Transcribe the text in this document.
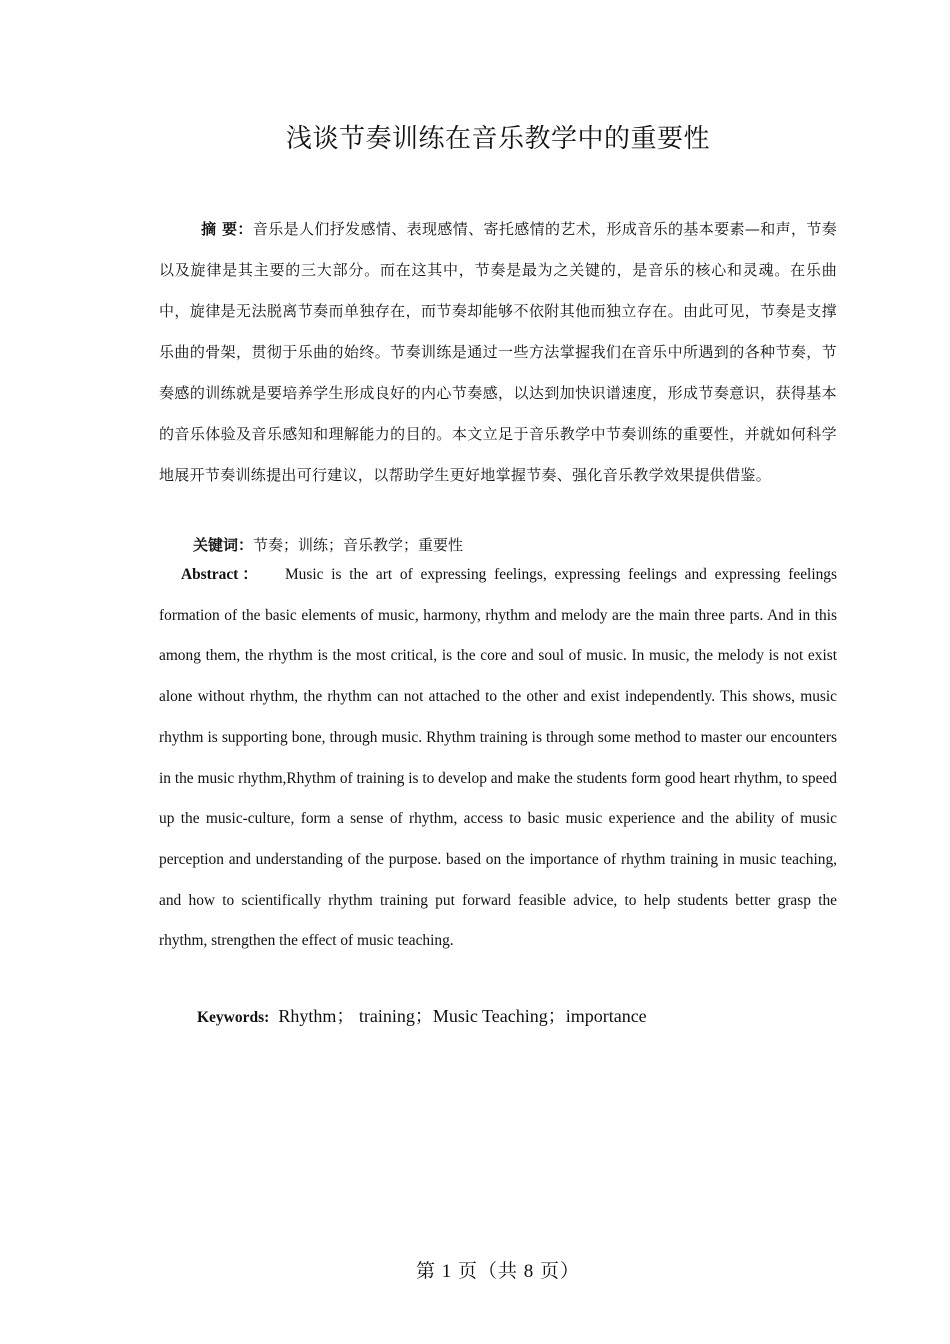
浅谈节奏训练在音乐教学中的重要性
摘 要：音乐是人们抒发感情、表现感情、寄托感情的艺术，形成音乐的基本要素—和声，节奏以及旋律是其主要的三大部分。而在这其中，节奏是最为之关键的，是音乐的核心和灵魂。在乐曲中，旋律是无法脱离节奏而单独存在，而节奏却能够不依附其他而独立存在。由此可见，节奏是支撑乐曲的骨架，贯彻于乐曲的始终。节奏训练是通过一些方法掌握我们在音乐中所遇到的各种节奏，节奏感的训练就是要培养学生形成良好的内心节奏感，以达到加快识谱速度，形成节奏意识，获得基本的音乐体验及音乐感知和理解能力的目的。本文立足于音乐教学中节奏训练的重要性，并就如何科学地展开节奏训练提出可行建议，以帮助学生更好地掌握节奏、强化音乐教学效果提供借鉴。
关键词：节奏；训练；音乐教学；重要性
Abstract： Music is the art of expressing feelings, expressing feelings and expressing feelings formation of the basic elements of music, harmony, rhythm and melody are the main three parts. And in this among them, the rhythm is the most critical, is the core and soul of music. In music, the melody is not exist alone without rhythm, the rhythm can not attached to the other and exist independently. This shows, music rhythm is supporting bone, through music. Rhythm training is through some method to master our encounters in the music rhythm,Rhythm of training is to develop and make the students form good heart rhythm, to speed up the music-culture, form a sense of rhythm, access to basic music experience and the ability of music perception and understanding of the purpose. based on the importance of rhythm training in music teaching, and how to scientifically rhythm training put forward feasible advice, to help students better grasp the rhythm, strengthen the effect of music teaching.
Keywords: Rhythm； training；Music Teaching；importance
第 1 页（共 8 页）
